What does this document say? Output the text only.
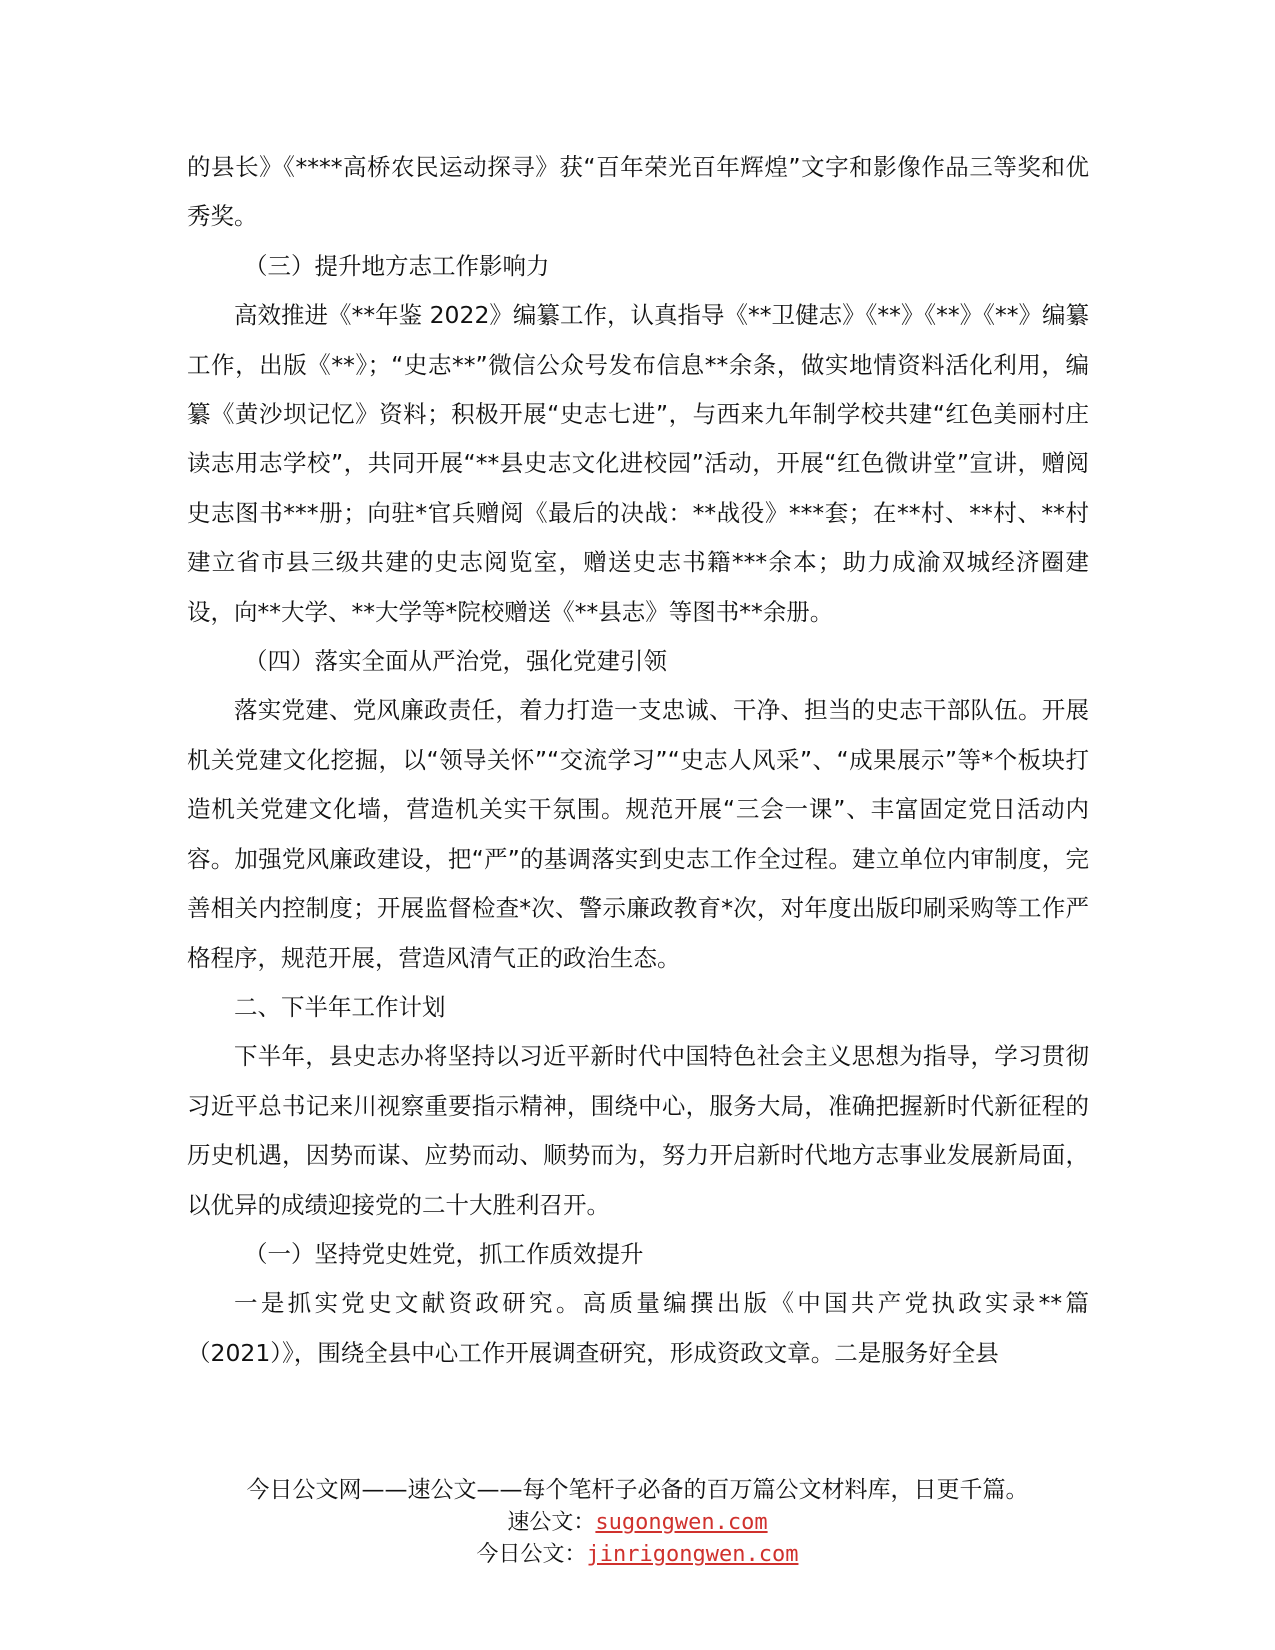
的县长》《****高桥农民运动探寻》获“百年荣光百年辉煌”文字和影像作品三等奖和优秀奖。

（三）提升地方志工作影响力

高效推进《**年鉴 2022》编纂工作，认真指导《**卫健志》《**》《**》《**》编纂工作，出版《**》；“史志**”微信公众号发布信息**余条，做实地情资料活化利用，编纂《黄沙坝记忆》资料；积极开展“史志七进”，与西来九年制学校共建“红色美丽村庄读志用志学校”，共同开展“**县史志文化进校园”活动，开展“红色微讲堂”宣讲，赠阅史志图书***册；向驻*官兵赠阅《最后的决战：**战役》***套；在**村、**村、**村建立省市县三级共建的史志阅览室，赠送史志书籍***余本；助力成渝双城经济圈建设，向**大学、**大学等*院校赠送《**县志》等图书**余册。

（四）落实全面从严治党，强化党建引领

落实党建、党风廉政责任，着力打造一支忠诚、干净、担当的史志干部队伍。开展机关党建文化挖掘，以“领导关怀”“交流学习”“史志人风采”、“成果展示”等*个板块打造机关党建文化墙，营造机关实干氛围。规范开展“三会一课”、丰富固定党日活动内容。加强党风廉政建设，把“严”的基调落实到史志工作全过程。建立单位内审制度，完善相关内控制度；开展监督检查*次、警示廉政教育*次，对年度出版印刷采购等工作严格程序，规范开展，营造风清气正的政治生态。

二、下半年工作计划

下半年，县史志办将坚持以习近平新时代中国特色社会主义思想为指导，学习贯彻习近平总书记来川视察重要指示精神，围绕中心，服务大局，准确把握新时代新征程的历史机遇，因势而谋、应势而动、顺势而为，努力开启新时代地方志事业发展新局面，以优异的成绩迎接党的二十大胜利召开。

（一）坚持党史姓党，抓工作质效提升

一是抓实党史文献资政研究。高质量编撰出版《中国共产党执政实录**篇（2021）》，围绕全县中心工作开展调查研究，形成资政文章。二是服务好全县

今日公文网——速公文——每个笔杆子必备的百万篇公文材料库，日更千篇。
速公文：sugongwen.com
今日公文：jinrigongwen.com
